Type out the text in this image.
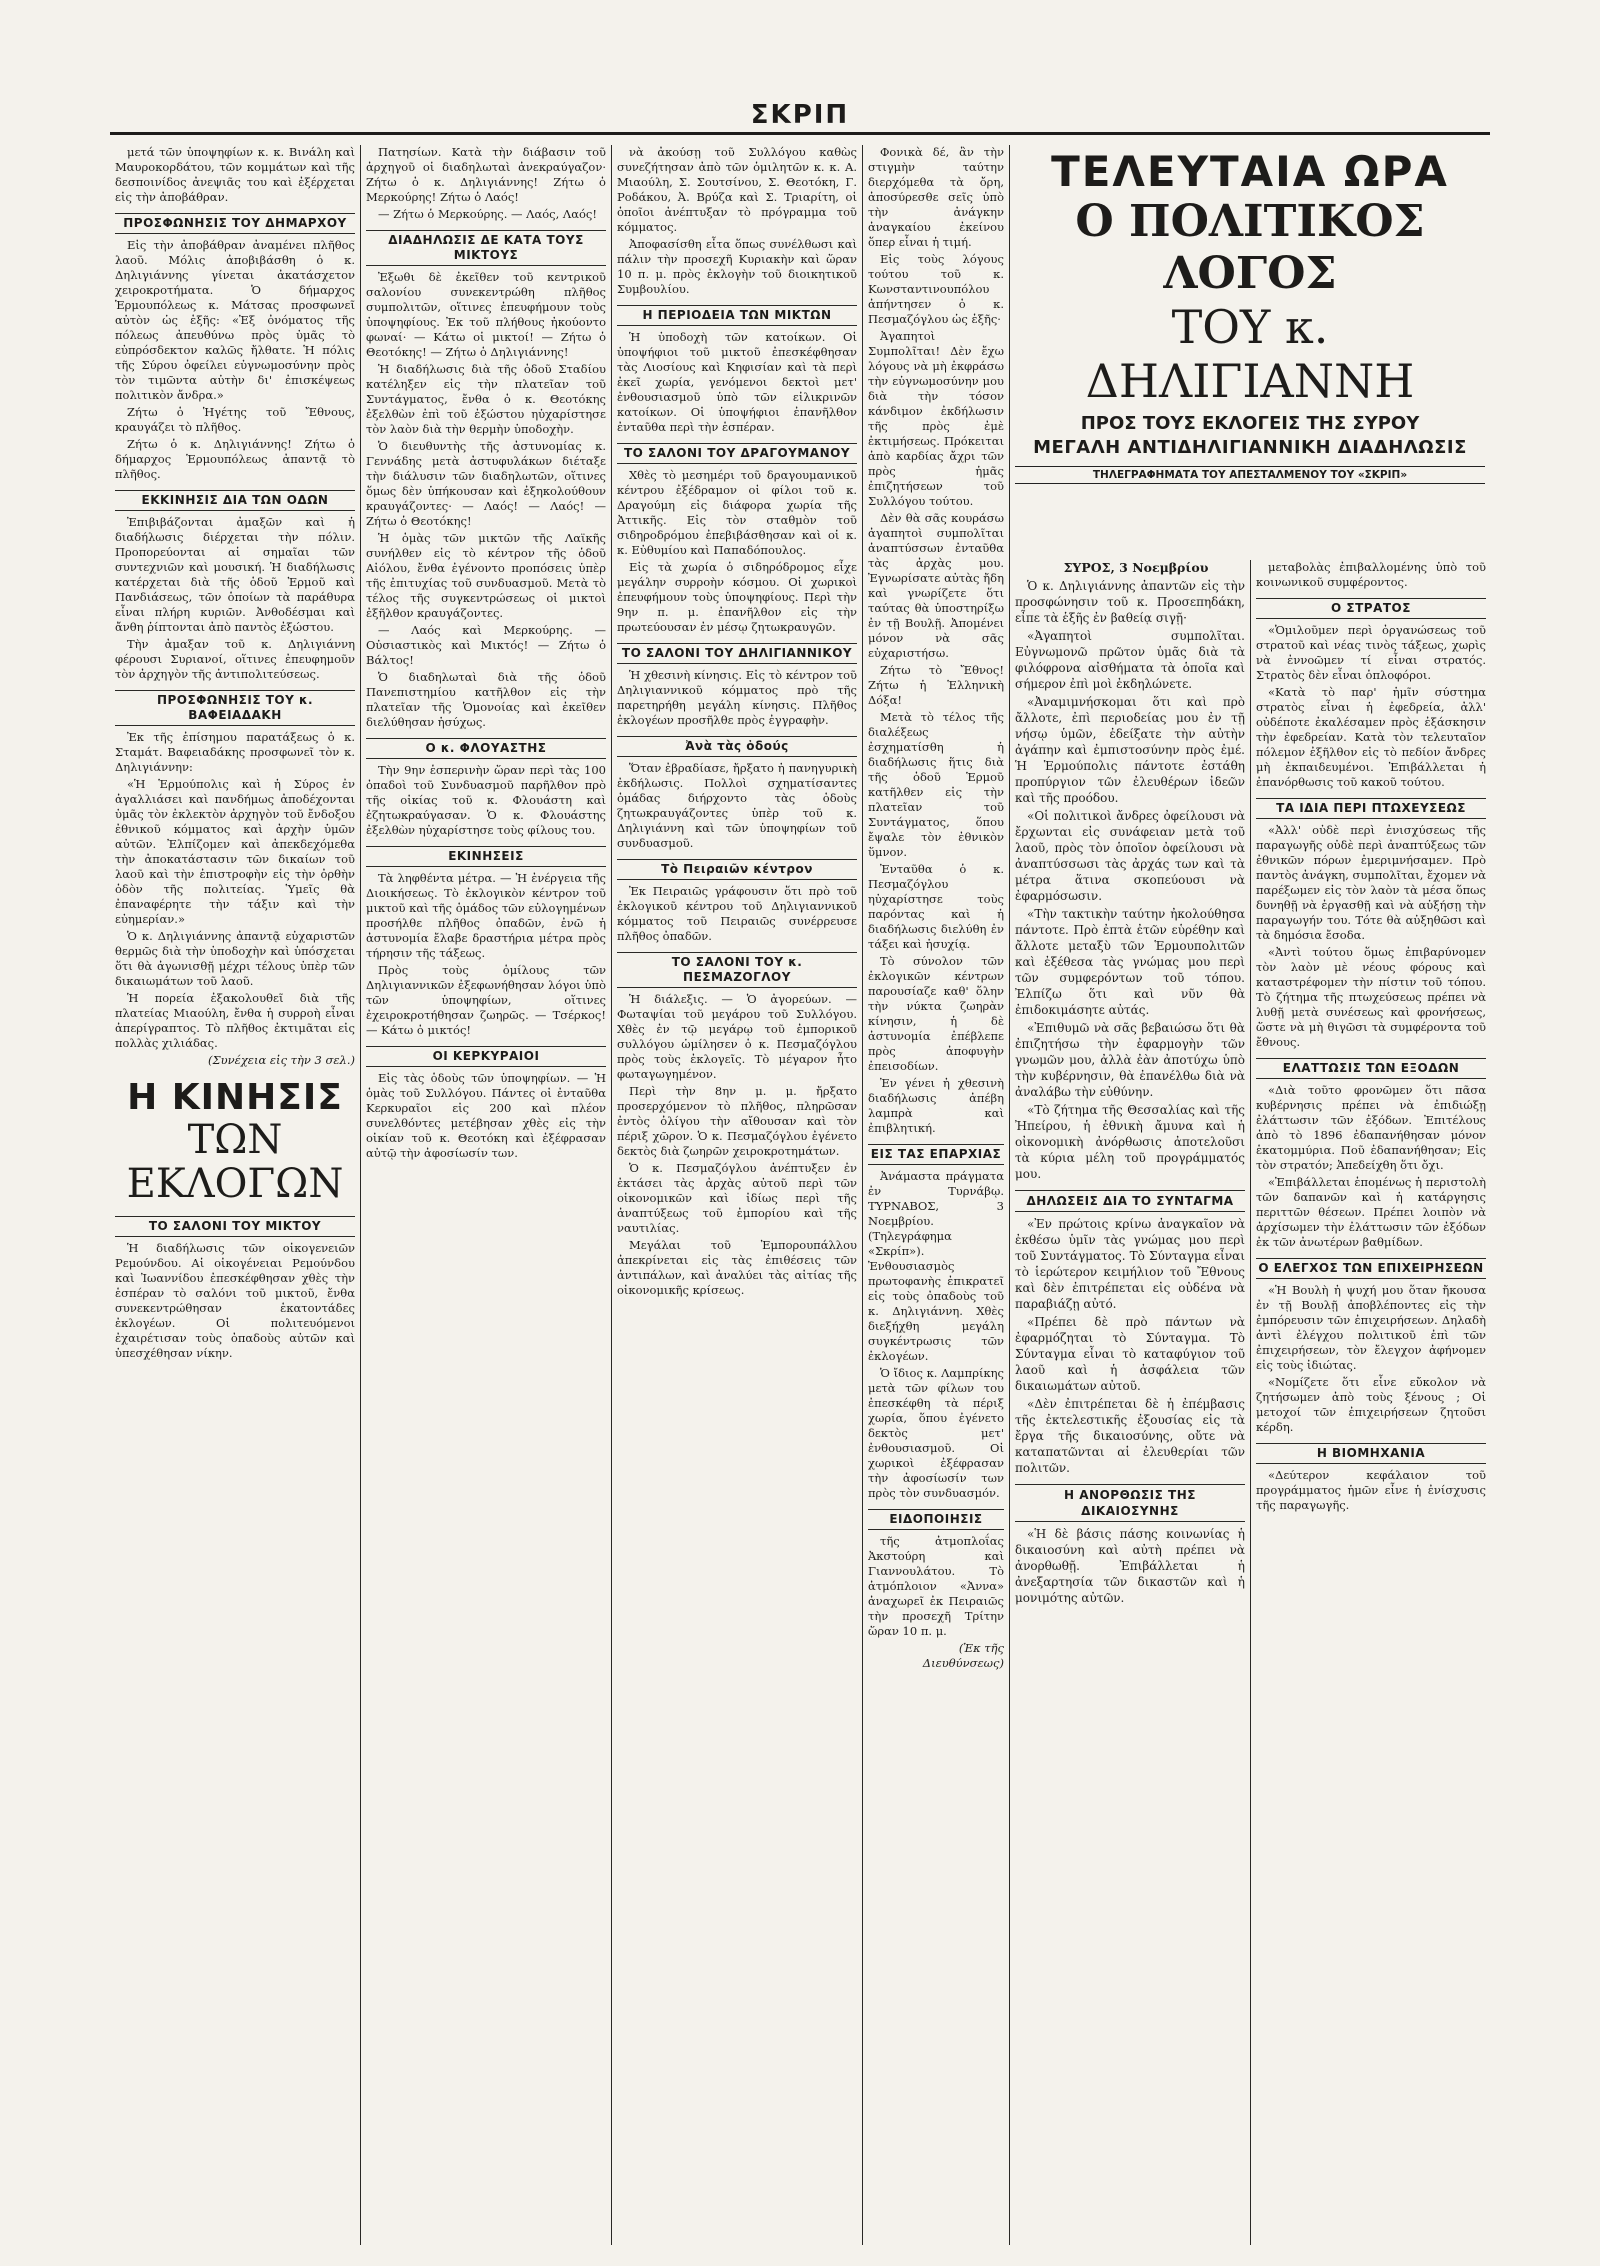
ΣΚΡΙΠ

μετά τῶν ὑποψηφίων κ. κ. Βινάλη καὶ Μαυροκορδάτου, τῶν κομμάτων καὶ τῆς δεσποινίδος ἀνεψιᾶς του καὶ ἐξέρχεται εἰς τὴν ἀποβάθραν.

ΠΡΟΣΦΩΝΗΣΙΣ ΤΟΥ ΔΗΜΑΡΧΟΥ

Εἰς τὴν ἀποβάθραν ἀναμένει πλῆθος λαοῦ. Μόλις ἀποβιβάσθη ὁ κ. Δηλιγιάννης γίνεται ἀκατάσχετον χειροκροτήματα. Ὁ δήμαρχος Ἑρμουπόλεως κ. Μάτσας προσφωνεῖ αὐτὸν ὡς ἑξῆς: «Ἐξ ὀνόματος τῆς πόλεως ἀπευθύνω πρὸς ὑμᾶς τὸ εὐπρόσδεκτον καλῶς ἤλθατε. Ἡ πόλις τῆς Σύρου ὀφείλει εὐγνωμοσύνην πρὸς τὸν τιμῶντα αὐτὴν δι' ἐπισκέψεως πολιτικὸν ἄνδρα.»

Ζήτω ὁ Ἡγέτης τοῦ Ἔθνους, κραυγάζει τὸ πλῆθος.

Ζήτω ὁ κ. Δηλιγιάννης! Ζήτω ὁ δήμαρχος Ἑρμουπόλεως ἀπαντᾷ τὸ πλῆθος.

ΕΚΚΙΝΗΣΙΣ ΔΙΑ ΤΩΝ ΟΔΩΝ

Ἐπιβιβάζονται ἀμαξῶν καὶ ἡ διαδήλωσις διέρχεται τὴν πόλιν. Προπορεύονται αἱ σημαῖαι τῶν συντεχνιῶν καὶ μουσική. Ἡ διαδήλωσις κατέρχεται διὰ τῆς ὁδοῦ Ἑρμοῦ καὶ Πανδιάσεως, τῶν ὁποίων τὰ παράθυρα εἶναι πλήρη κυριῶν. Ἀνθοδέσμαι καὶ ἄνθη ῥίπτονται ἀπὸ παντὸς ἐξώστου.

Τὴν ἀμαξαν τοῦ κ. Δηλιγιάννη φέρουσι Συριανοί, οἵτινες ἐπευφημοῦν τὸν ἀρχηγὸν τῆς ἀντιπολιτεύσεως.

ΠΡΟΣΦΩΝΗΣΙΣ ΤΟΥ κ. ΒΑΦΕΙΑΔΑΚΗ

Ἐκ τῆς ἐπίσημου παρατάξεως ὁ κ. Σταμάτ. Βαφειαδάκης προσφωνεῖ τὸν κ. Δηλιγιάννην:

«Ἡ Ἑρμούπολις καὶ ἡ Σύρος ἐν ἀγαλλιάσει καὶ πανδήμως ἀποδέχονται ὑμᾶς τὸν ἐκλεκτὸν ἀρχηγὸν τοῦ ἔνδοξου ἐθνικοῦ κόμματος καὶ ἀρχὴν ὑμῶν αὐτῶν. Ἐλπίζομεν καὶ ἀπεκδεχόμεθα τὴν ἀποκατάστασιν τῶν δικαίων τοῦ λαοῦ καὶ τὴν ἐπιστροφὴν εἰς τὴν ὀρθὴν ὁδὸν τῆς πολιτείας. Ὑμεῖς θὰ ἐπαναφέρητε τὴν τάξιν καὶ τὴν εὐημερίαν.»

Ὁ κ. Δηλιγιάννης ἀπαντᾷ εὐχαριστῶν θερμῶς διὰ τὴν ὑποδοχὴν καὶ ὑπόσχεται ὅτι θὰ ἀγωνισθῇ μέχρι τέλους ὑπὲρ τῶν δικαιωμάτων τοῦ λαοῦ.

Ἡ πορεία ἐξακολουθεῖ διὰ τῆς πλατείας Μιαούλη, ἔνθα ἡ συρροὴ εἶναι ἀπερίγραπτος. Τὸ πλῆθος ἐκτιμᾶται εἰς πολλὰς χιλιάδας.

(Συνέχεια εἰς τὴν 3 σελ.)

Η ΚΙΝΗΣΙΣ
ΤΩΝ ΕΚΛΟΓΩΝ
ΤΟ ΣΑΛΟΝΙ ΤΟΥ ΜΙΚΤΟΥ

Ἡ διαδήλωσις τῶν οἰκογενειῶν Ρεμούνδου. Αἱ οἰκογένειαι Ρεμούνδου καὶ Ἰωαννίδου ἐπεσκέφθησαν χθὲς τὴν ἑσπέραν τὸ σαλόνι τοῦ μικτοῦ, ἔνθα συνεκεντρώθησαν ἑκατοντάδες ἐκλογέων. Οἱ πολιτευόμενοι ἐχαιρέτισαν τοὺς ὀπαδοὺς αὐτῶν καὶ ὑπεσχέθησαν νίκην.

Πατησίων. Κατὰ τὴν διάβασιν τοῦ ἀρχηγοῦ οἱ διαδηλωταὶ ἀνεκραύγαζον· Ζήτω ὁ κ. Δηλιγιάννης! Ζήτω ὁ Μερκούρης! Ζήτω ὁ Λαός!

— Ζήτω ὁ Μερκούρης. — Λαός, Λαός!

ΔΙΑΔΗΛΩΣΙΣ ΔΕ ΚΑΤΑ ΤΟΥΣ ΜΙΚΤΟΥΣ

Ἐξωθι δὲ ἐκεῖθεν τοῦ κεντρικοῦ σαλονίου συνεκεντρώθη πλῆθος συμπολιτῶν, οἵτινες ἐπευφήμουν τοὺς ὑποψηφίους. Ἐκ τοῦ πλήθους ἠκούοντο φωναί· — Κάτω οἱ μικτοί! — Ζήτω ὁ Θεοτόκης! — Ζήτω ὁ Δηλιγιάννης!

Ἡ διαδήλωσις διὰ τῆς ὁδοῦ Σταδίου κατέληξεν εἰς τὴν πλατεῖαν τοῦ Συντάγματος, ἔνθα ὁ κ. Θεοτόκης ἐξελθὼν ἐπὶ τοῦ ἐξώστου ηὐχαρίστησε τὸν λαὸν διὰ τὴν θερμὴν ὑποδοχὴν.

Ὁ διευθυντὴς τῆς ἀστυνομίας κ. Γεννάδης μετὰ ἀστυφυλάκων διέταξε τὴν διάλυσιν τῶν διαδηλωτῶν, οἵτινες ὅμως δὲν ὑπήκουσαν καὶ ἐξηκολούθουν κραυγάζοντες· — Λαός! — Λαός! — Ζήτω ὁ Θεοτόκης!

Ἡ ὁμὰς τῶν μικτῶν τῆς Λαϊκῆς συνήλθεν εἰς τὸ κέντρον τῆς ὁδοῦ Αἰόλου, ἔνθα ἐγένοντο προπόσεις ὑπὲρ τῆς ἐπιτυχίας τοῦ συνδυασμοῦ. Μετὰ τὸ τέλος τῆς συγκεντρώσεως οἱ μικτοὶ ἐξῆλθον κραυγάζοντες.

— Λαός καὶ Μερκούρης. — Οὐσιαστικὸς καὶ Μικτός! — Ζήτω ὁ Βάλτος!

Ὁ διαδηλωταὶ διὰ τῆς ὁδοῦ Πανεπιστημίου κατῆλθον εἰς τὴν πλατεῖαν τῆς Ὁμονοίας καὶ ἐκεῖθεν διελύθησαν ἡσύχως.

Ο κ. ΦΛΟΥΑΣΤΗΣ

Τὴν 9ην ἑσπερινὴν ὥραν περὶ τὰς 100 ὀπαδοὶ τοῦ Συνδυασμοῦ παρῆλθον πρὸ τῆς οἰκίας τοῦ κ. Φλουάστη καὶ ἐζητωκραύγασαν. Ὁ κ. Φλουάστης ἐξελθὼν ηὐχαρίστησε τοὺς φίλους του.

ΕΚΙΝΗΣΕΙΣ

Τὰ ληφθέντα μέτρα. — Ἡ ἐνέργεια τῆς Διοικήσεως. Τὸ ἐκλογικὸν κέντρον τοῦ μικτοῦ καὶ τῆς ὁμάδος τῶν εὐλογημένων προσήλθε πλῆθος ὀπαδῶν, ἐνῶ ἡ ἀστυνομία ἔλαβε δραστήρια μέτρα πρὸς τήρησιν τῆς τάξεως.

Πρὸς τοὺς ὁμίλους τῶν Δηλιγιαννικῶν ἐξεφωνήθησαν λόγοι ὑπὸ τῶν ὑποψηφίων, οἵτινες ἐχειροκροτήθησαν ζωηρῶς. — Τσέρκος! — Κάτω ὁ μικτός!

ΟΙ ΚΕΡΚΥΡΑΙΟΙ

Εἰς τὰς ὁδοὺς τῶν ὑποψηφίων. — Ἡ ὁμὰς τοῦ Συλλόγου. Πάντες οἱ ἐνταῦθα Κερκυραῖοι εἰς 200 καὶ πλέον συνελθόντες μετέβησαν χθὲς εἰς τὴν οἰκίαν τοῦ κ. Θεοτόκη καὶ ἐξέφρασαν αὐτῷ τὴν ἀφοσίωσίν των.

νὰ ἀκούσῃ τοῦ Συλλόγου καθὼς συνεζήτησαν ἀπὸ τῶν ὁμιλητῶν κ. κ. Α. Μιαούλη, Σ. Σουτσίνου, Σ. Θεοτόκη, Γ. Ροδάκου, Ἀ. Βρύζα καὶ Σ. Τριαρίτη, οἱ ὁποῖοι ἀνέπτυξαν τὸ πρόγραμμα τοῦ κόμματος.

Ἀποφασίσθη εἶτα ὅπως συνέλθωσι καὶ πάλιν τὴν προσεχῆ Κυριακὴν καὶ ὥραν 10 π. μ. πρὸς ἐκλογὴν τοῦ διοικητικοῦ Συμβουλίου.

Η ΠΕΡΙΟΔΕΙΑ ΤΩΝ ΜΙΚΤΩΝ

Ἡ ὑποδοχὴ τῶν κατοίκων. Οἱ ὑποψήφιοι τοῦ μικτοῦ ἐπεσκέφθησαν τὰς Λιοσίους καὶ Κηφισίαν καὶ τὰ περὶ ἐκεῖ χωρία, γενόμενοι δεκτοὶ μετ' ἐνθουσιασμοῦ ὑπὸ τῶν εἰλικρινῶν κατοίκων. Οἱ ὑποψήφιοι ἐπανῆλθον ἐνταῦθα περὶ τὴν ἑσπέραν.

ΤΟ ΣΑΛΟΝΙ ΤΟΥ ΔΡΑΓΟΥΜΑΝΟΥ

Χθὲς τὸ μεσημέρι τοῦ δραγουμανικοῦ κέντρου ἐξέδραμον οἱ φίλοι τοῦ κ. Δραγούμη εἰς διάφορα χωρία τῆς Ἀττικῆς. Εἰς τὸν σταθμὸν τοῦ σιδηροδρόμου ἐπεβιβάσθησαν καὶ οἱ κ. κ. Εὐθυμίου καὶ Παπαδόπουλος.

Εἰς τὰ χωρία ὁ σιδηρόδρομος εἶχε μεγάλην συρροὴν κόσμου. Οἱ χωρικοὶ ἐπευφήμουν τοὺς ὑποψηφίους. Περὶ τὴν 9ην π. μ. ἐπανῆλθον εἰς τὴν πρωτεύουσαν ἐν μέσῳ ζητωκραυγῶν.

ΤΟ ΣΑΛΟΝΙ ΤΟΥ ΔΗΛΙΓΙΑΝΝΙΚΟΥ

Ἡ χθεσινὴ κίνησις. Εἰς τὸ κέντρον τοῦ Δηλιγιαννικοῦ κόμματος πρὸ τῆς παρετηρήθη μεγάλη κίνησις. Πλῆθος ἐκλογέων προσῆλθε πρὸς ἐγγραφὴν.

Ἀνὰ τὰς ὁδούς

Ὅταν ἐβραδίασε, ἤρξατο ἡ πανηγυρικὴ ἐκδήλωσις. Πολλοὶ σχηματίσαντες ὁμάδας διήρχοντο τὰς ὁδοὺς ζητωκραυγάζοντες ὑπὲρ τοῦ κ. Δηλιγιάννη καὶ τῶν ὑποψηφίων τοῦ συνδυασμοῦ.

Τὸ Πειραιῶν κέντρον

Ἐκ Πειραιῶς γράφουσιν ὅτι πρὸ τοῦ ἐκλογικοῦ κέντρου τοῦ Δηλιγιαννικοῦ κόμματος τοῦ Πειραιῶς συνέρρευσε πλῆθος ὀπαδῶν.

ΤΟ ΣΑΛΟΝΙ ΤΟΥ κ. ΠΕΣΜΑΖΟΓΛΟΥ

Ἡ διάλεξις. — Ὁ ἀγορεύων. — Φωταψίαι τοῦ μεγάρου τοῦ Συλλόγου. Χθὲς ἐν τῷ μεγάρῳ τοῦ ἐμπορικοῦ συλλόγου ὡμίλησεν ὁ κ. Πεσμαζόγλου πρὸς τοὺς ἐκλογεῖς. Τὸ μέγαρον ἦτο φωταγωγημένον.

Περὶ τὴν 8ην μ. μ. ἤρξατο προσερχόμενον τὸ πλῆθος, πληρῶσαν ἐντὸς ὀλίγου τὴν αἴθουσαν καὶ τὸν πέριξ χῶρον. Ὁ κ. Πεσμαζόγλου ἐγένετο δεκτὸς διὰ ζωηρῶν χειροκροτημάτων.

Ὁ κ. Πεσμαζόγλου ἀνέπτυξεν ἐν ἐκτάσει τὰς ἀρχὰς αὐτοῦ περὶ τῶν οἰκονομικῶν καὶ ἰδίως περὶ τῆς ἀναπτύξεως τοῦ ἐμπορίου καὶ τῆς ναυτιλίας.

Μεγάλαι τοῦ Ἐμπορουπάλλου ἀπεκρίνεται εἰς τὰς ἐπιθέσεις τῶν ἀντιπάλων, καὶ ἀναλύει τὰς αἰτίας τῆς οἰκονομικῆς κρίσεως.

Φονικὰ δέ, ἂν τὴν στιγμὴν ταύτην διερχόμεθα τὰ ὄρη, ἀποσύρεσθε σεῖς ὑπὸ τὴν ἀνάγκην ἀναγκαίου ἐκείνου ὅπερ εἶναι ἡ τιμή.

Εἰς τοὺς λόγους τούτου τοῦ κ. Κωνσταντινουπόλου ἀπήντησεν ὁ κ. Πεσμαζόγλου ὡς ἑξῆς·

Ἀγαπητοὶ Συμπολῖται! Δὲν ἔχω λόγους νὰ μὴ ἐκφράσω τὴν εὐγνωμοσύνην μου διὰ τὴν τόσον κάνδιμον ἐκδήλωσιν τῆς πρὸς ἐμὲ ἐκτιμήσεως. Πρόκειται ἀπὸ καρδίας ἄχρι τῶν πρὸς ἡμᾶς ἐπιζητήσεων τοῦ Συλλόγου τούτου.

Δὲν θὰ σᾶς κουράσω ἀγαπητοὶ συμπολῖται ἀναπτύσσων ἐνταῦθα τὰς ἀρχὰς μου. Ἐγνωρίσατε αὐτὰς ἤδη καὶ γνωρίζετε ὅτι ταύτας θὰ ὑποστηρίξω ἐν τῇ Βουλῇ. Ἀπομένει μόνον νὰ σᾶς εὐχαριστήσω.

Ζήτω τὸ Ἔθνος! Ζήτω ἡ Ἑλληνικὴ Δόξα!

Μετὰ τὸ τέλος τῆς διαλέξεως ἐσχηματίσθη ἡ διαδήλωσις ἥτις διὰ τῆς ὁδοῦ Ἑρμοῦ κατῆλθεν εἰς τὴν πλατεῖαν τοῦ Συντάγματος, ὅπου ἔψαλε τὸν ἐθνικὸν ὕμνον.

Ἐνταῦθα ὁ κ. Πεσμαζόγλου ηὐχαρίστησε τοὺς παρόντας καὶ ἡ διαδήλωσις διελύθη ἐν τάξει καὶ ἡσυχίᾳ.

Τὸ σύνολον τῶν ἐκλογικῶν κέντρων παρουσίαζε καθ' ὅλην τὴν νύκτα ζωηρὰν κίνησιν, ἡ δὲ ἀστυνομία ἐπέβλεπε πρὸς ἀποφυγὴν ἐπεισοδίων.

Ἐν γένει ἡ χθεσινὴ διαδήλωσις ἀπέβη λαμπρὰ καὶ ἐπιβλητική.

ΕΙΣ ΤΑΣ ΕΠΑΡΧΙΑΣ

Ἀνάμαστα πράγματα ἐν Τυρνάβῳ. ΤΥΡΝΑΒΟΣ, 3 Νοεμβρίου. (Τηλεγράφημα «Σκρίπ»). Ἐνθουσιασμὸς πρωτοφανὴς ἐπικρατεῖ εἰς τοὺς ὀπαδοὺς τοῦ κ. Δηλιγιάννη. Χθὲς διεξήχθη μεγάλη συγκέντρωσις τῶν ἐκλογέων.

Ὁ ἴδιος κ. Λαμπρίκης μετὰ τῶν φίλων του ἐπεσκέφθη τὰ πέριξ χωρία, ὅπου ἐγένετο δεκτὸς μετ' ἐνθουσιασμοῦ. Οἱ χωρικοὶ ἐξέφρασαν τὴν ἀφοσίωσίν των πρὸς τὸν συνδυασμόν.

ΕΙΔΟΠΟΙΗΣΙΣ

τῆς ἀτμοπλοΐας Ἀκστούρη καὶ Γιαννουλάτου. Τὸ ἀτμόπλοιον «Ἀννα» ἀναχωρεῖ ἐκ Πειραιῶς τὴν προσεχῆ Τρίτην ὥραν 10 π. μ.

(Ἐκ τῆς Διευθύνσεως)

ΤΕΛΕΥΤΑΙΑ ΩΡΑ
Ο ΠΟΛΙΤΙΚΟΣ ΛΟΓΟΣ
ΤΟΥ κ. ΔΗΛΙΓΙΑΝΝΗ
ΠΡΟΣ ΤΟΥΣ ΕΚΛΟΓΕΙΣ ΤΗΣ ΣΥΡΟΥ
ΜΕΓΑΛΗ ΑΝΤΙΔΗΛΙΓΙΑΝΝΙΚΗ ΔΙΑΔΗΛΩΣΙΣ
ΤΗΛΕΓΡΑΦΗΜΑΤΑ ΤΟΥ ΑΠΕΣΤΑΛΜΕΝΟΥ ΤΟΥ «ΣΚΡΙΠ»

ΣΥΡΟΣ, 3 Νοεμβρίου

Ὁ κ. Δηλιγιάννης ἀπαντῶν εἰς τὴν προσφώνησιν τοῦ κ. Προσεπηδάκη, εἶπε τὰ ἑξῆς ἐν βαθείᾳ σιγῇ·

«Ἀγαπητοὶ συμπολῖται. Εὐγνωμονῶ πρῶτον ὑμᾶς διὰ τὰ φιλόφρονα αἰσθήματα τὰ ὁποῖα καὶ σήμερον ἐπὶ μοὶ ἐκδηλώνετε.

«Ἀναμιμνήσκομαι ὅτι καὶ πρὸ ἄλλοτε, ἐπὶ περιοδείας μου ἐν τῇ νήσῳ ὑμῶν, ἐδείξατε τὴν αὐτὴν ἀγάπην καὶ ἐμπιστοσύνην πρὸς ἐμέ. Ἡ Ἑρμούπολις πάντοτε ἐστάθη προπύργιον τῶν ἐλευθέρων ἰδεῶν καὶ τῆς προόδου.

«Οἱ πολιτικοὶ ἄνδρες ὀφείλουσι νὰ ἔρχωνται εἰς συνάφειαν μετὰ τοῦ λαοῦ, πρὸς τὸν ὁποῖον ὀφείλουσι νὰ ἀναπτύσσωσι τὰς ἀρχάς των καὶ τὰ μέτρα ἅτινα σκοπεύουσι νὰ ἐφαρμόσωσιν.

«Τὴν τακτικὴν ταύτην ἠκολούθησα πάντοτε. Πρὸ ἐπτὰ ἐτῶν εὑρέθην καὶ ἄλλοτε μεταξὺ τῶν Ἑρμουπολιτῶν καὶ ἐξέθεσα τὰς γνώμας μου περὶ τῶν συμφερόντων τοῦ τόπου. Ἐλπίζω ὅτι καὶ νῦν θὰ ἐπιδοκιμάσητε αὐτάς.

«Ἐπιθυμῶ νὰ σᾶς βεβαιώσω ὅτι θὰ ἐπιζητήσω τὴν ἐφαρμογὴν τῶν γνωμῶν μου, ἀλλὰ ἐὰν ἀποτύχω ὑπὸ τὴν κυβέρνησιν, θὰ ἐπανέλθω διὰ νὰ ἀναλάβω τὴν εὐθύνην.

«Τὸ ζήτημα τῆς Θεσσαλίας καὶ τῆς Ἠπείρου, ἡ ἐθνικὴ ἄμυνα καὶ ἡ οἰκονομικὴ ἀνόρθωσις ἀποτελοῦσι τὰ κύρια μέλη τοῦ προγράμματός μου.

ΔΗΛΩΣΕΙΣ ΔΙΑ ΤΟ ΣΥΝΤΑΓΜΑ

«Ἐν πρώτοις κρίνω ἀναγκαῖον νὰ ἐκθέσω ὑμῖν τὰς γνώμας μου περὶ τοῦ Συντάγματος. Τὸ Σύνταγμα εἶναι τὸ ἱερώτερον κειμήλιον τοῦ Ἔθνους καὶ δὲν ἐπιτρέπεται εἰς οὐδένα νὰ παραβιάζῃ αὐτό.

«Πρέπει δὲ πρὸ πάντων νὰ ἐφαρμόζηται τὸ Σύνταγμα. Τὸ Σύνταγμα εἶναι τὸ καταφύγιον τοῦ λαοῦ καὶ ἡ ἀσφάλεια τῶν δικαιωμάτων αὐτοῦ.

«Δὲν ἐπιτρέπεται δὲ ἡ ἐπέμβασις τῆς ἐκτελεστικῆς ἐξουσίας εἰς τὰ ἔργα τῆς δικαιοσύνης, οὔτε νὰ καταπατῶνται αἱ ἐλευθερίαι τῶν πολιτῶν.

Η ΑΝΟΡΘΩΣΙΣ ΤΗΣ ΔΙΚΑΙΟΣΥΝΗΣ

«Ἡ δὲ βάσις πάσης κοινωνίας ἡ δικαιοσύνη καὶ αὐτὴ πρέπει νὰ ἀνορθωθῇ. Ἐπιβάλλεται ἡ ἀνεξαρτησία τῶν δικαστῶν καὶ ἡ μονιμότης αὐτῶν.

μεταβολὰς ἐπιβαλλομένης ὑπὸ τοῦ κοινωνικοῦ συμφέροντος.

Ο ΣΤΡΑΤΟΣ

«Ὁμιλοῦμεν περὶ ὀργανώσεως τοῦ στρατοῦ καὶ νέας τινὸς τάξεως, χωρὶς νὰ ἐννοῶμεν τί εἶναι στρατός. Στρατὸς δὲν εἶναι ὁπλοφόροι.

«Κατὰ τὸ παρ' ἡμῖν σύστημα στρατὸς εἶναι ἡ ἐφεδρεία, ἀλλ' οὐδέποτε ἐκαλέσαμεν πρὸς ἐξάσκησιν τὴν ἐφεδρείαν. Κατὰ τὸν τελευταῖον πόλεμον ἐξῆλθον εἰς τὸ πεδίον ἄνδρες μὴ ἐκπαιδευμένοι. Ἐπιβάλλεται ἡ ἐπανόρθωσις τοῦ κακοῦ τούτου.

ΤΑ ΙΔΙΑ ΠΕΡΙ ΠΤΩΧΕΥΣΕΩΣ

«Ἀλλ' οὐδὲ περὶ ἐνισχύσεως τῆς παραγωγῆς οὐδὲ περὶ ἀναπτύξεως τῶν ἐθνικῶν πόρων ἐμεριμνήσαμεν. Πρὸ παντὸς ἀνάγκη, συμπολῖται, ἔχομεν νὰ παρέξωμεν εἰς τὸν λαὸν τὰ μέσα ὅπως δυνηθῇ νὰ ἐργασθῇ καὶ νὰ αὐξήσῃ τὴν παραγωγήν του. Τότε θὰ αὐξηθῶσι καὶ τὰ δημόσια ἔσοδα.

«Ἀντὶ τούτου ὅμως ἐπιβαρύνομεν τὸν λαὸν μὲ νέους φόρους καὶ καταστρέφομεν τὴν πίστιν τοῦ τόπου. Τὸ ζήτημα τῆς πτωχεύσεως πρέπει νὰ λυθῇ μετὰ συνέσεως καὶ φρονήσεως, ὥστε νὰ μὴ θιγῶσι τὰ συμφέροντα τοῦ ἔθνους.

ΕΛΑΤΤΩΣΙΣ ΤΩΝ ΕΞΟΔΩΝ

«Διὰ τοῦτο φρονῶμεν ὅτι πᾶσα κυβέρνησις πρέπει νὰ ἐπιδιώξῃ ἐλάττωσιν τῶν ἐξόδων. Ἐπιτέλους ἀπὸ τὸ 1896 ἐδαπανήθησαν μόνον ἑκατομμύρια. Ποῦ ἐδαπανήθησαν; Εἰς τὸν στρατόν; Ἀπεδείχθη ὅτι ὄχι.

«Ἐπιβάλλεται ἑπομένως ἡ περιστολὴ τῶν δαπανῶν καὶ ἡ κατάργησις περιττῶν θέσεων. Πρέπει λοιπὸν νὰ ἀρχίσωμεν τὴν ἐλάττωσιν τῶν ἐξόδων ἐκ τῶν ἀνωτέρων βαθμίδων.

Ο ΕΛΕΓΧΟΣ ΤΩΝ ΕΠΙΧΕΙΡΗΣΕΩΝ

«Ἡ Βουλὴ ἡ ψυχή μου ὅταν ἤκουσα ἐν τῇ Βουλῇ ἀποβλέποντες εἰς τὴν ἐμπόρευσιν τῶν ἐπιχειρήσεων. Δηλαδὴ ἀντὶ ἐλέγχου πολιτικοῦ ἐπὶ τῶν ἐπιχειρήσεων, τὸν ἔλεγχον ἀφήνομεν εἰς τοὺς ἰδιώτας.

«Νομίζετε ὅτι εἶνε εὔκολον νὰ ζητήσωμεν ἀπὸ τοὺς ξένους ; Οἱ μετοχοί τῶν ἐπιχειρήσεων ζητοῦσι κέρδη.

Η ΒΙΟΜΗΧΑΝΙΑ

«Δεύτερον κεφάλαιον τοῦ προγράμματος ἡμῶν εἶνε ἡ ἐνίσχυσις τῆς παραγωγῆς.
